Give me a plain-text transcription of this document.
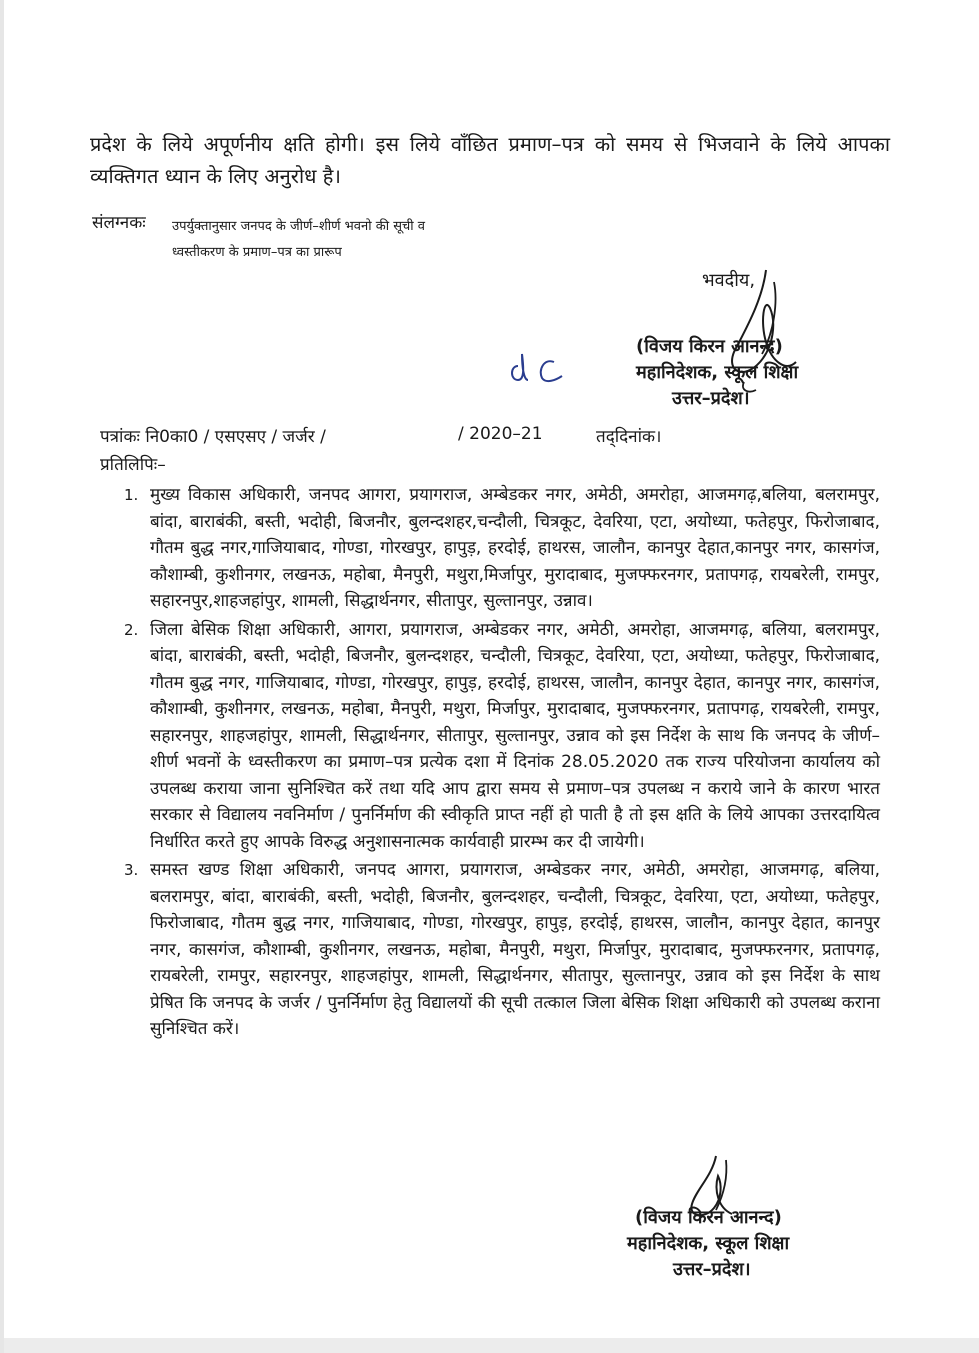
प्रदेश के लिये अपूर्णनीय क्षति होगी। इस लिये वाँछित प्रमाण–पत्र को समय से भिजवाने के लिये आपका व्यक्तिगत ध्यान के लिए अनुरोध है।
संलग्नकः उपर्युक्तानुसार जनपद के जीर्ण–शीर्ण भवनो की सूची व
ध्वस्तीकरण के प्रमाण–पत्र का प्रारूप
भवदीय,
(विजय किरन आनन्द)
महानिदेशक, स्कूल शिक्षा
उत्तर–प्रदेश।
पत्रांकः नि0का0 / एसएसए / जर्जर /	/ 2020–21	तद्‌दिनांक।
प्रतिलिपिः–
1. मुख्य विकास अधिकारी, जनपद आगरा, प्रयागराज, अम्बेडकर नगर, अमेठी, अमरोहा, आजमगढ़,बलिया, बलरामपुर, बांदा, बाराबंकी, बस्ती, भदोही, बिजनौर, बुलन्दशहर,चन्दौली, चित्रकूट, देवरिया, एटा, अयोध्या, फतेहपुर, फिरोजाबाद, गौतम बुद्ध नगर,गाजियाबाद, गोण्डा, गोरखपुर, हापुड़, हरदोई, हाथरस, जालौन, कानपुर देहात,कानपुर नगर, कासगंज, कौशाम्बी, कुशीनगर, लखनऊ, महोबा, मैनपुरी, मथुरा,मिर्जापुर, मुरादाबाद, मुजफ्फरनगर, प्रतापगढ़, रायबरेली, रामपुर, सहारनपुर,शाहजहांपुर, शामली, सिद्धार्थनगर, सीतापुर, सुल्तानपुर, उन्नाव।
2. जिला बेसिक शिक्षा अधिकारी, आगरा, प्रयागराज, अम्बेडकर नगर, अमेठी, अमरोहा, आजमगढ़, बलिया, बलरामपुर, बांदा, बाराबंकी, बस्ती, भदोही, बिजनौर, बुलन्दशहर, चन्दौली, चित्रकूट, देवरिया, एटा, अयोध्या, फतेहपुर, फिरोजाबाद, गौतम बुद्ध नगर, गाजियाबाद, गोण्डा, गोरखपुर, हापुड़, हरदोई, हाथरस, जालौन, कानपुर देहात, कानपुर नगर, कासगंज, कौशाम्बी, कुशीनगर, लखनऊ, महोबा, मैनपुरी, मथुरा, मिर्जापुर, मुरादाबाद, मुजफ्फरनगर, प्रतापगढ़, रायबरेली, रामपुर, सहारनपुर, शाहजहांपुर, शामली, सिद्धार्थनगर, सीतापुर, सुल्तानपुर, उन्नाव को इस निर्देश के साथ कि जनपद के जीर्ण–शीर्ण भवनों के ध्वस्तीकरण का प्रमाण–पत्र प्रत्येक दशा में दिनांक 28.05.2020 तक राज्य परियोजना कार्यालय को उपलब्ध कराया जाना सुनिश्चित करें तथा यदि आप द्वारा समय से प्रमाण–पत्र उपलब्ध न कराये जाने के कारण भारत सरकार से विद्यालय नवनिर्माण / पुनर्निर्माण की स्वीकृति प्राप्त नहीं हो पाती है तो इस क्षति के लिये आपका उत्तरदायित्व निर्धारित करते हुए आपके विरुद्ध अनुशासनात्मक कार्यवाही प्रारम्भ कर दी जायेगी।
3. समस्त खण्ड शिक्षा अधिकारी, जनपद आगरा, प्रयागराज, अम्बेडकर नगर, अमेठी, अमरोहा, आजमगढ़, बलिया, बलरामपुर, बांदा, बाराबंकी, बस्ती, भदोही, बिजनौर, बुलन्दशहर, चन्दौली, चित्रकूट, देवरिया, एटा, अयोध्या, फतेहपुर, फिरोजाबाद, गौतम बुद्ध नगर, गाजियाबाद, गोण्डा, गोरखपुर, हापुड़, हरदोई, हाथरस, जालौन, कानपुर देहात, कानपुर नगर, कासगंज, कौशाम्बी, कुशीनगर, लखनऊ, महोबा, मैनपुरी, मथुरा, मिर्जापुर, मुरादाबाद, मुजफ्फरनगर, प्रतापगढ़, रायबरेली, रामपुर, सहारनपुर, शाहजहांपुर, शामली, सिद्धार्थनगर, सीतापुर, सुल्तानपुर, उन्नाव को इस निर्देश के साथ प्रेषित कि जनपद के जर्जर / पुनर्निर्माण हेतु विद्यालयों की सूची तत्काल जिला बेसिक शिक्षा अधिकारी को उपलब्ध कराना सुनिश्चित करें।
(विजय किरन आनन्द)
महानिदेशक, स्कूल शिक्षा
उत्तर–प्रदेश।
